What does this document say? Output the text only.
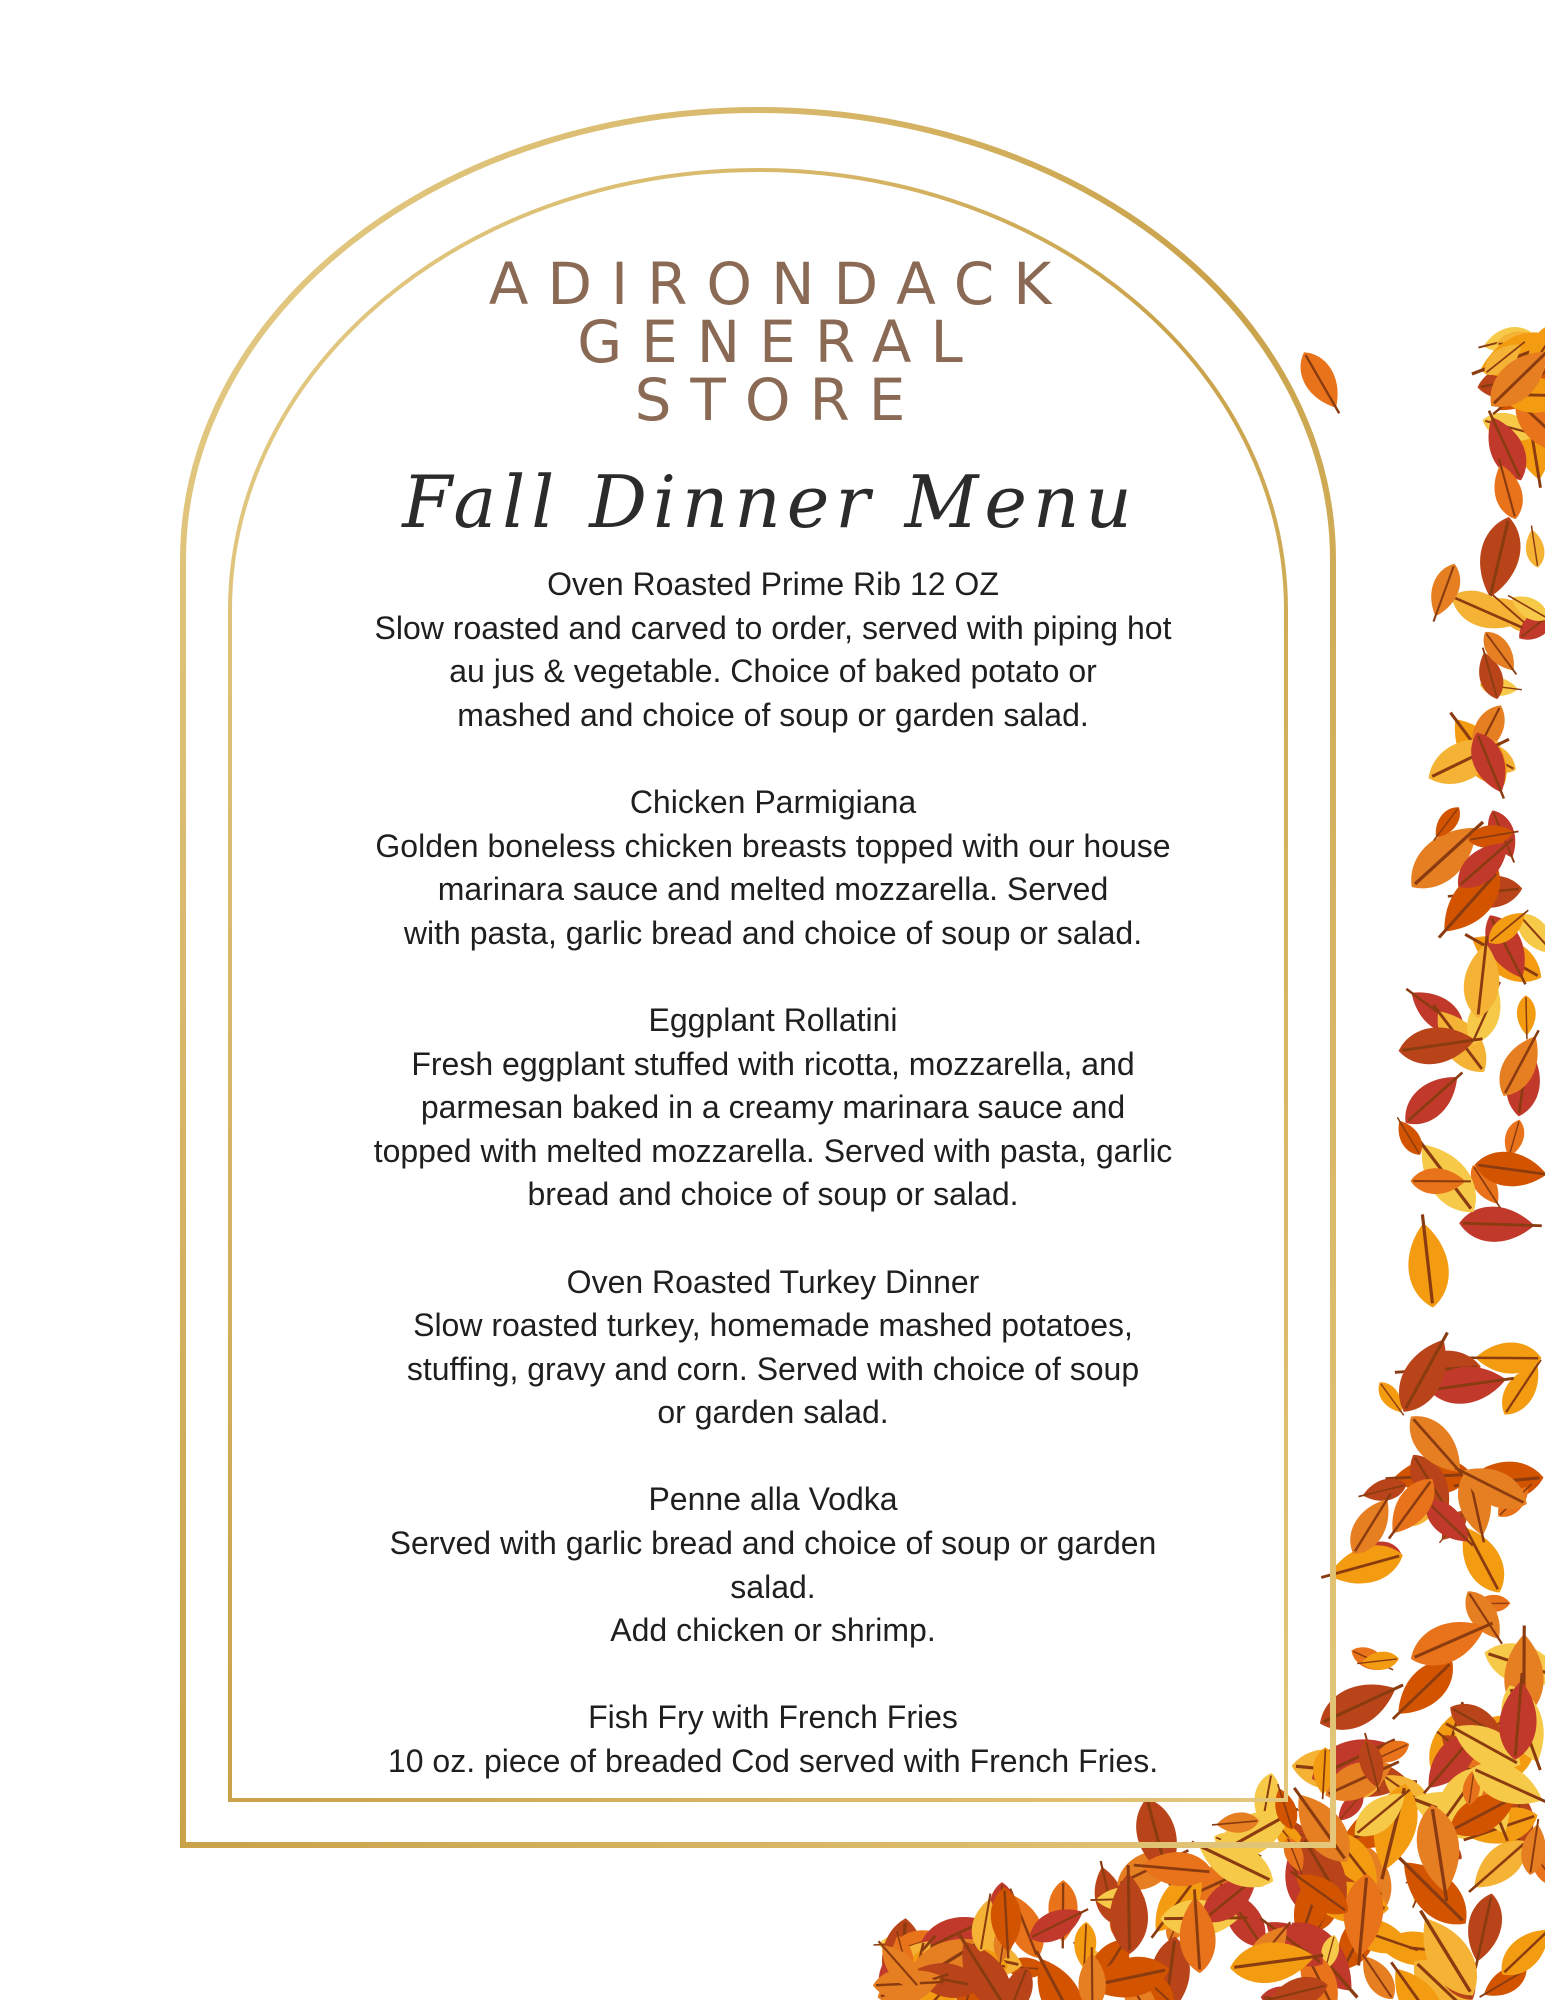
ADIRONDACK
GENERAL
STORE
Fall Dinner Menu

Oven Roasted Prime Rib 12 OZ

Slow roasted and carved to order, served with piping hot

au jus & vegetable. Choice of baked potato or

mashed and choice of soup or garden salad.

Chicken Parmigiana

Golden boneless chicken breasts topped with our house

marinara sauce and melted mozzarella. Served

with pasta, garlic bread and choice of soup or salad.

Eggplant Rollatini

Fresh eggplant stuffed with ricotta, mozzarella, and

parmesan baked in a creamy marinara sauce and

topped with melted mozzarella. Served with pasta, garlic

bread and choice of soup or salad.

Oven Roasted Turkey Dinner

Slow roasted turkey, homemade mashed potatoes,

stuffing, gravy and corn. Served with choice of soup

or garden salad.

Penne alla Vodka

Served with garlic bread and choice of soup or garden

salad.

Add chicken or shrimp.

Fish Fry with French Fries

10 oz. piece of breaded Cod served with French Fries.
